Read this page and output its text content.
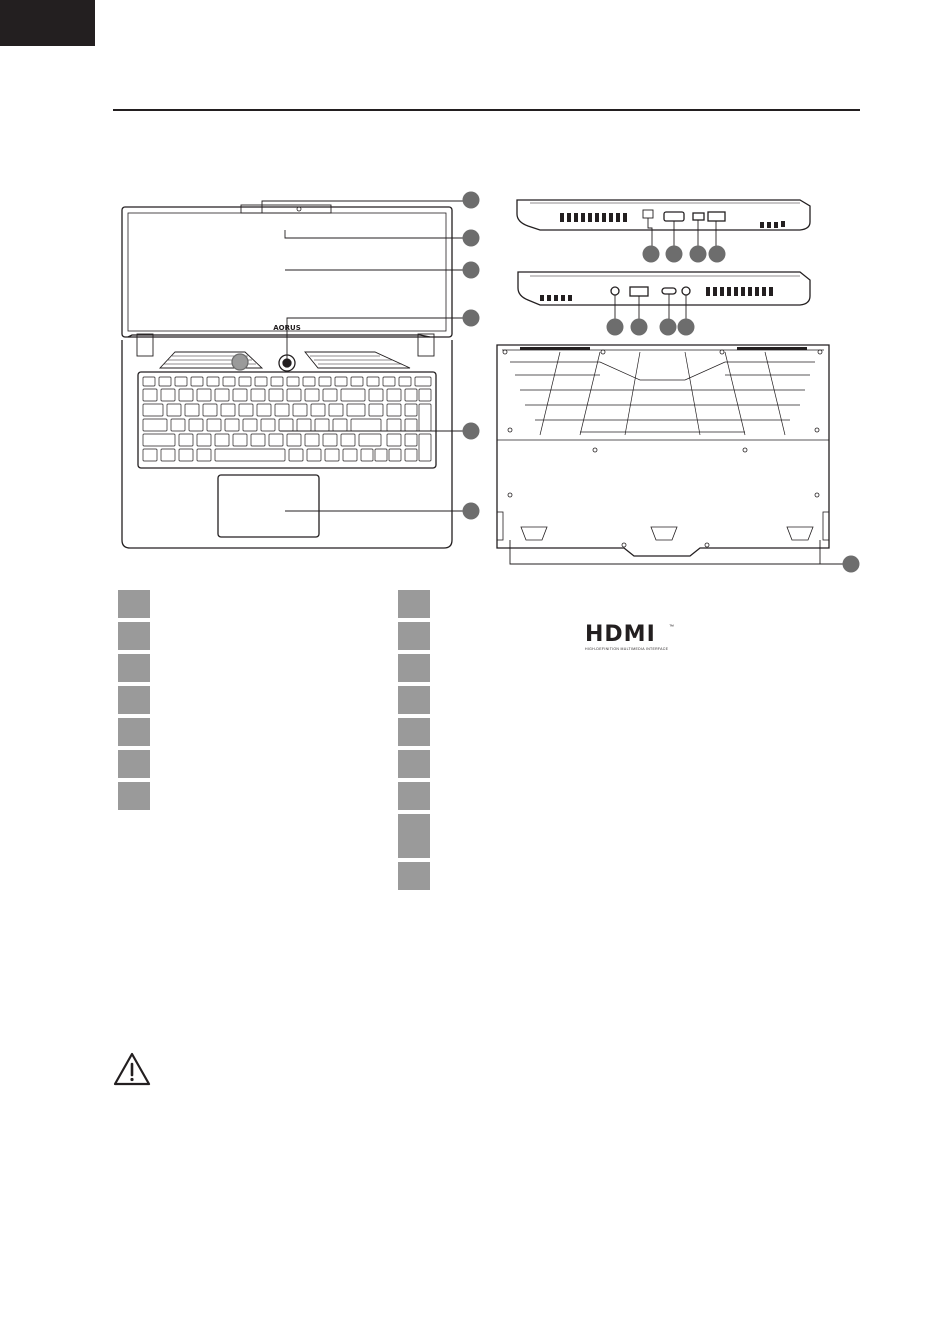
AORUS
HDMI	™
HIGH-DEFINITION MULTIMEDIA INTERFACE
